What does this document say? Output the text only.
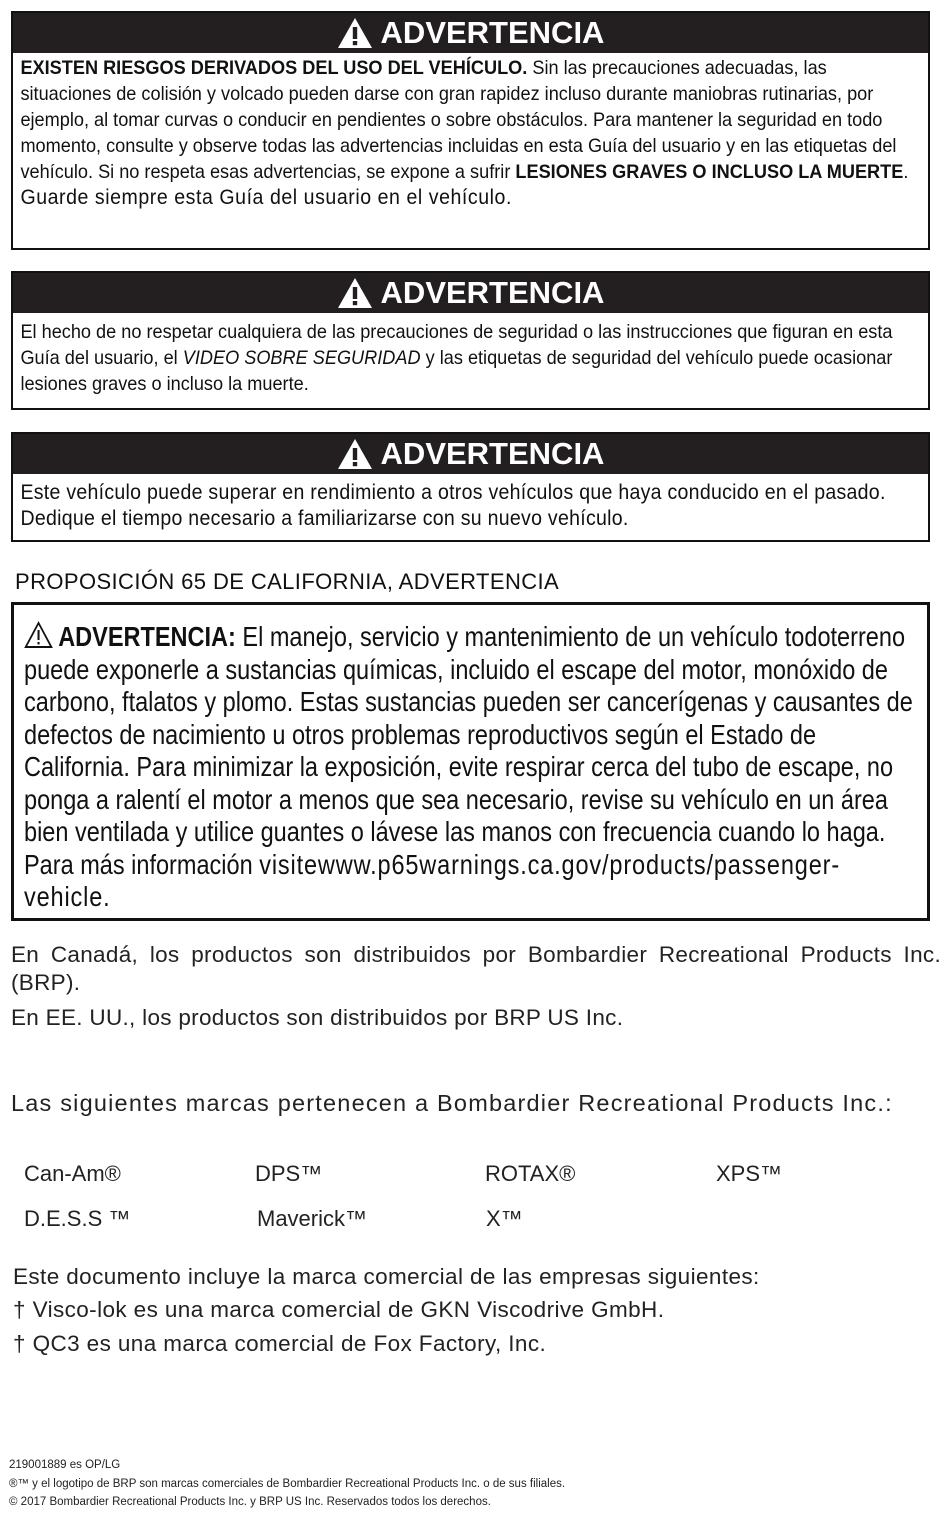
ADVERTENCIA
EXISTEN RIESGOS DERIVADOS DEL USO DEL VEHÍCULO. Sin las precauciones adecuadas, las situaciones de colisión y volcado pueden darse con gran rapidez incluso durante maniobras rutinarias, por ejemplo, al tomar curvas o conducir en pendientes o sobre obstáculos. Para mantener la seguridad en todo momento, consulte y observe todas las advertencias incluidas en esta Guía del usuario y en las etiquetas del vehículo. Si no respeta esas advertencias, se expone a sufrir LESIONES GRAVES O INCLUSO LA MUERTE.
Guarde siempre esta Guía del usuario en el vehículo.
ADVERTENCIA
El hecho de no respetar cualquiera de las precauciones de seguridad o las instrucciones que figuran en esta Guía del usuario, el VIDEO SOBRE SEGURIDAD y las etiquetas de seguridad del vehículo puede ocasionar lesiones graves o incluso la muerte.
ADVERTENCIA
Este vehículo puede superar en rendimiento a otros vehículos que haya conducido en el pasado. Dedique el tiempo necesario a familiarizarse con su nuevo vehículo.
PROPOSICIÓN 65 DE CALIFORNIA, ADVERTENCIA
ADVERTENCIA: El manejo, servicio y mantenimiento de un vehículo todoterreno puede exponerle a sustancias químicas, incluido el escape del motor, monóxido de carbono, ftalatos y plomo. Estas sustancias pueden ser cancerígenas y causantes de defectos de nacimiento u otros problemas reproductivos según el Estado de California. Para minimizar la exposición, evite respirar cerca del tubo de escape, no ponga a ralentí el motor a menos que sea necesario, revise su vehículo en un área bien ventilada y utilice guantes o lávese las manos con frecuencia cuando lo haga. Para más información visitewww.p65warnings.ca.gov/products/passenger-vehicle.
En Canadá, los productos son distribuidos por Bombardier Recreational Products Inc. (BRP).
En EE. UU., los productos son distribuidos por BRP US Inc.
Las siguientes marcas pertenecen a Bombardier Recreational Products Inc.:
Can-Am®	DPS™	ROTAX®	XPS™
D.E.S.S ™	Maverick™	X™
Este documento incluye la marca comercial de las empresas siguientes:
† Visco-lok es una marca comercial de GKN Viscodrive GmbH.
† QC3 es una marca comercial de Fox Factory, Inc.
219001889 es OP/LG
®™ y el logotipo de BRP son marcas comerciales de Bombardier Recreational Products Inc. o de sus filiales.
© 2017 Bombardier Recreational Products Inc. y BRP US Inc. Reservados todos los derechos.
